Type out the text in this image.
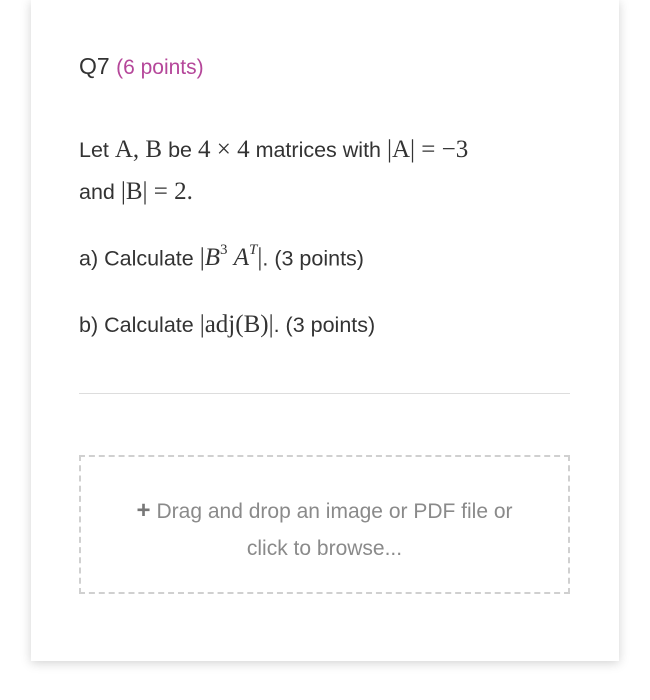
Q7 (6 points)
Let A, B be 4 × 4 matrices with |A| = −3
and |B| = 2.
a) Calculate $|B^3$ $A^T|$. (3 points)
b) Calculate |adj(B)|. (3 points)
+ Drag and drop an image or PDF file or
click to browse...
